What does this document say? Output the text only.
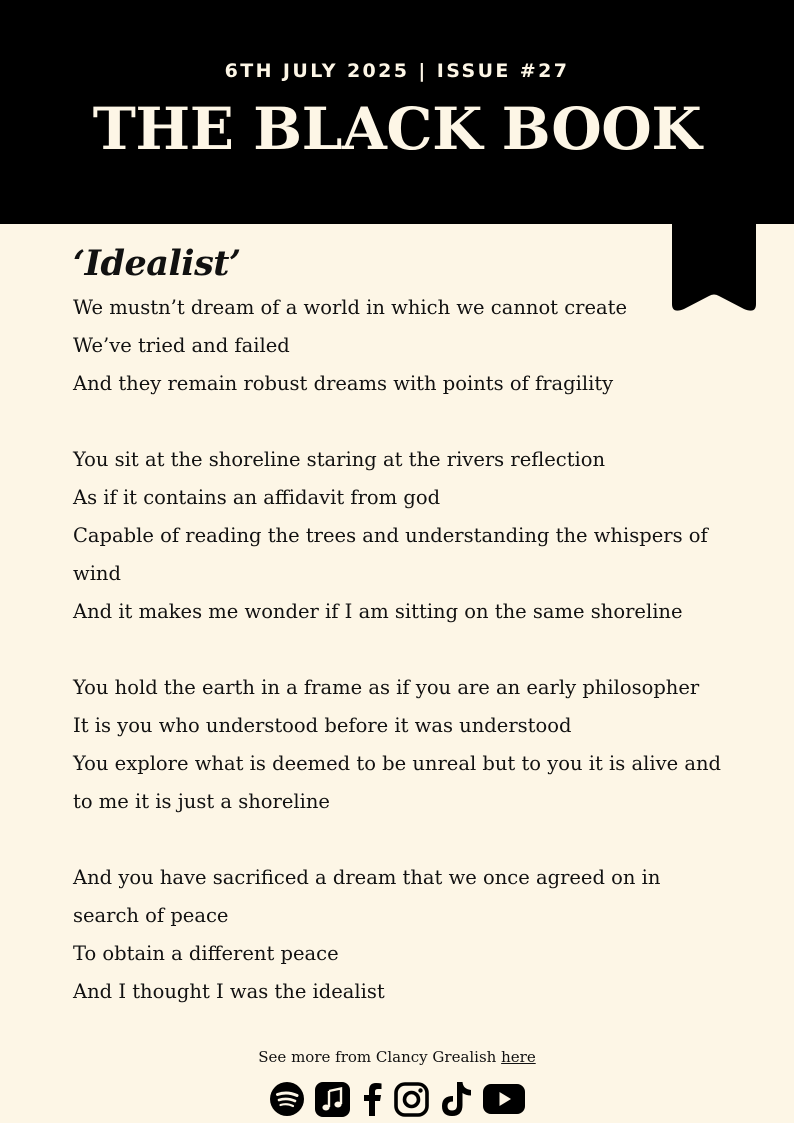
6TH JULY 2025 | ISSUE #27
THE BLACK BOOK
‘Idealist’
We mustn’t dream of a world in which we cannot create
We’ve tried and failed
And they remain robust dreams with points of fragility
You sit at the shoreline staring at the rivers reflection
As if it contains an affidavit from god
Capable of reading the trees and understanding the whispers of wind
And it makes me wonder if I am sitting on the same shoreline
You hold the earth in a frame as if you are an early philosopher
It is you who understood before it was understood
You explore what is deemed to be unreal but to you it is alive and to me it is just a shoreline
And you have sacrificed a dream that we once agreed on in search of peace
To obtain a different peace
And I thought I was the idealist
See more from Clancy Grealish here
